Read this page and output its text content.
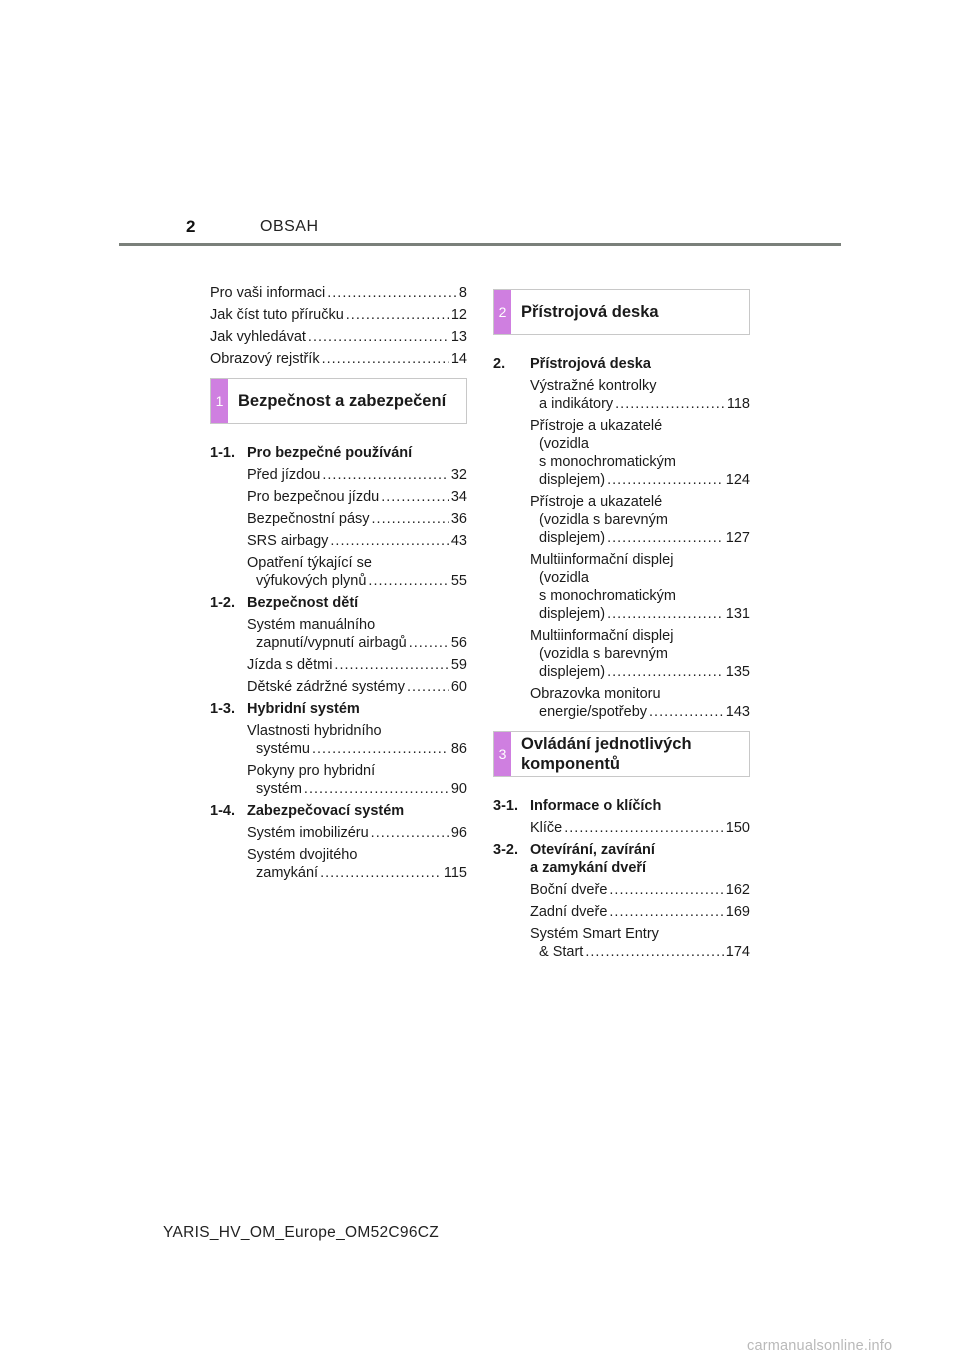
2	OBSAH
Pro vaši informaci .....	8
Jak číst tuto příručku .....	12
Jak vyhledávat .....	13
Obrazový rejstřík .....	14
1 Bezpečnost a zabezpečení
1-1. Pro bezpečné používání
Před jízdou .....	32
Pro bezpečnou jízdu .....	34
Bezpečnostní pásy .....	36
SRS airbagy .....	43
Opatření týkající se
výfukových plynů .....	55
1-2. Bezpečnost dětí
Systém manuálního
zapnutí/vypnutí airbagů .....	56
Jízda s dětmi .....	59
Dětské zádržné systémy .....	60
1-3. Hybridní systém
Vlastnosti hybridního
systému .....	86
Pokyny pro hybridní
systém .....	90
1-4. Zabezpečovací systém
Systém imobilizéru .....	96
Systém dvojitého
zamykání .....	115
2 Přístrojová deska
2.	Přístrojová deska
Výstražné kontrolky
a indikátory .....	118
Přístroje a ukazatelé
(vozidla
s monochromatickým
displejem) .....	124
Přístroje a ukazatelé
(vozidla s barevným
displejem) .....	127
Multiinformační displej
(vozidla
s monochromatickým
displejem) .....	131
Multiinformační displej
(vozidla s barevným
displejem) .....	135
Obrazovka monitoru
energie/spotřeby .....	143
3
Ovládání jednotlivých
komponentů
3-1. Informace o klíčích
Klíče .....	150
3-2. Otevírání, zavírání
a zamykání dveří
Boční dveře .....	162
Zadní dveře .....	169
Systém Smart Entry
& Start .....	174
YARIS_HV_OM_Europe_OM52C96CZ
carmanualsonline.info
